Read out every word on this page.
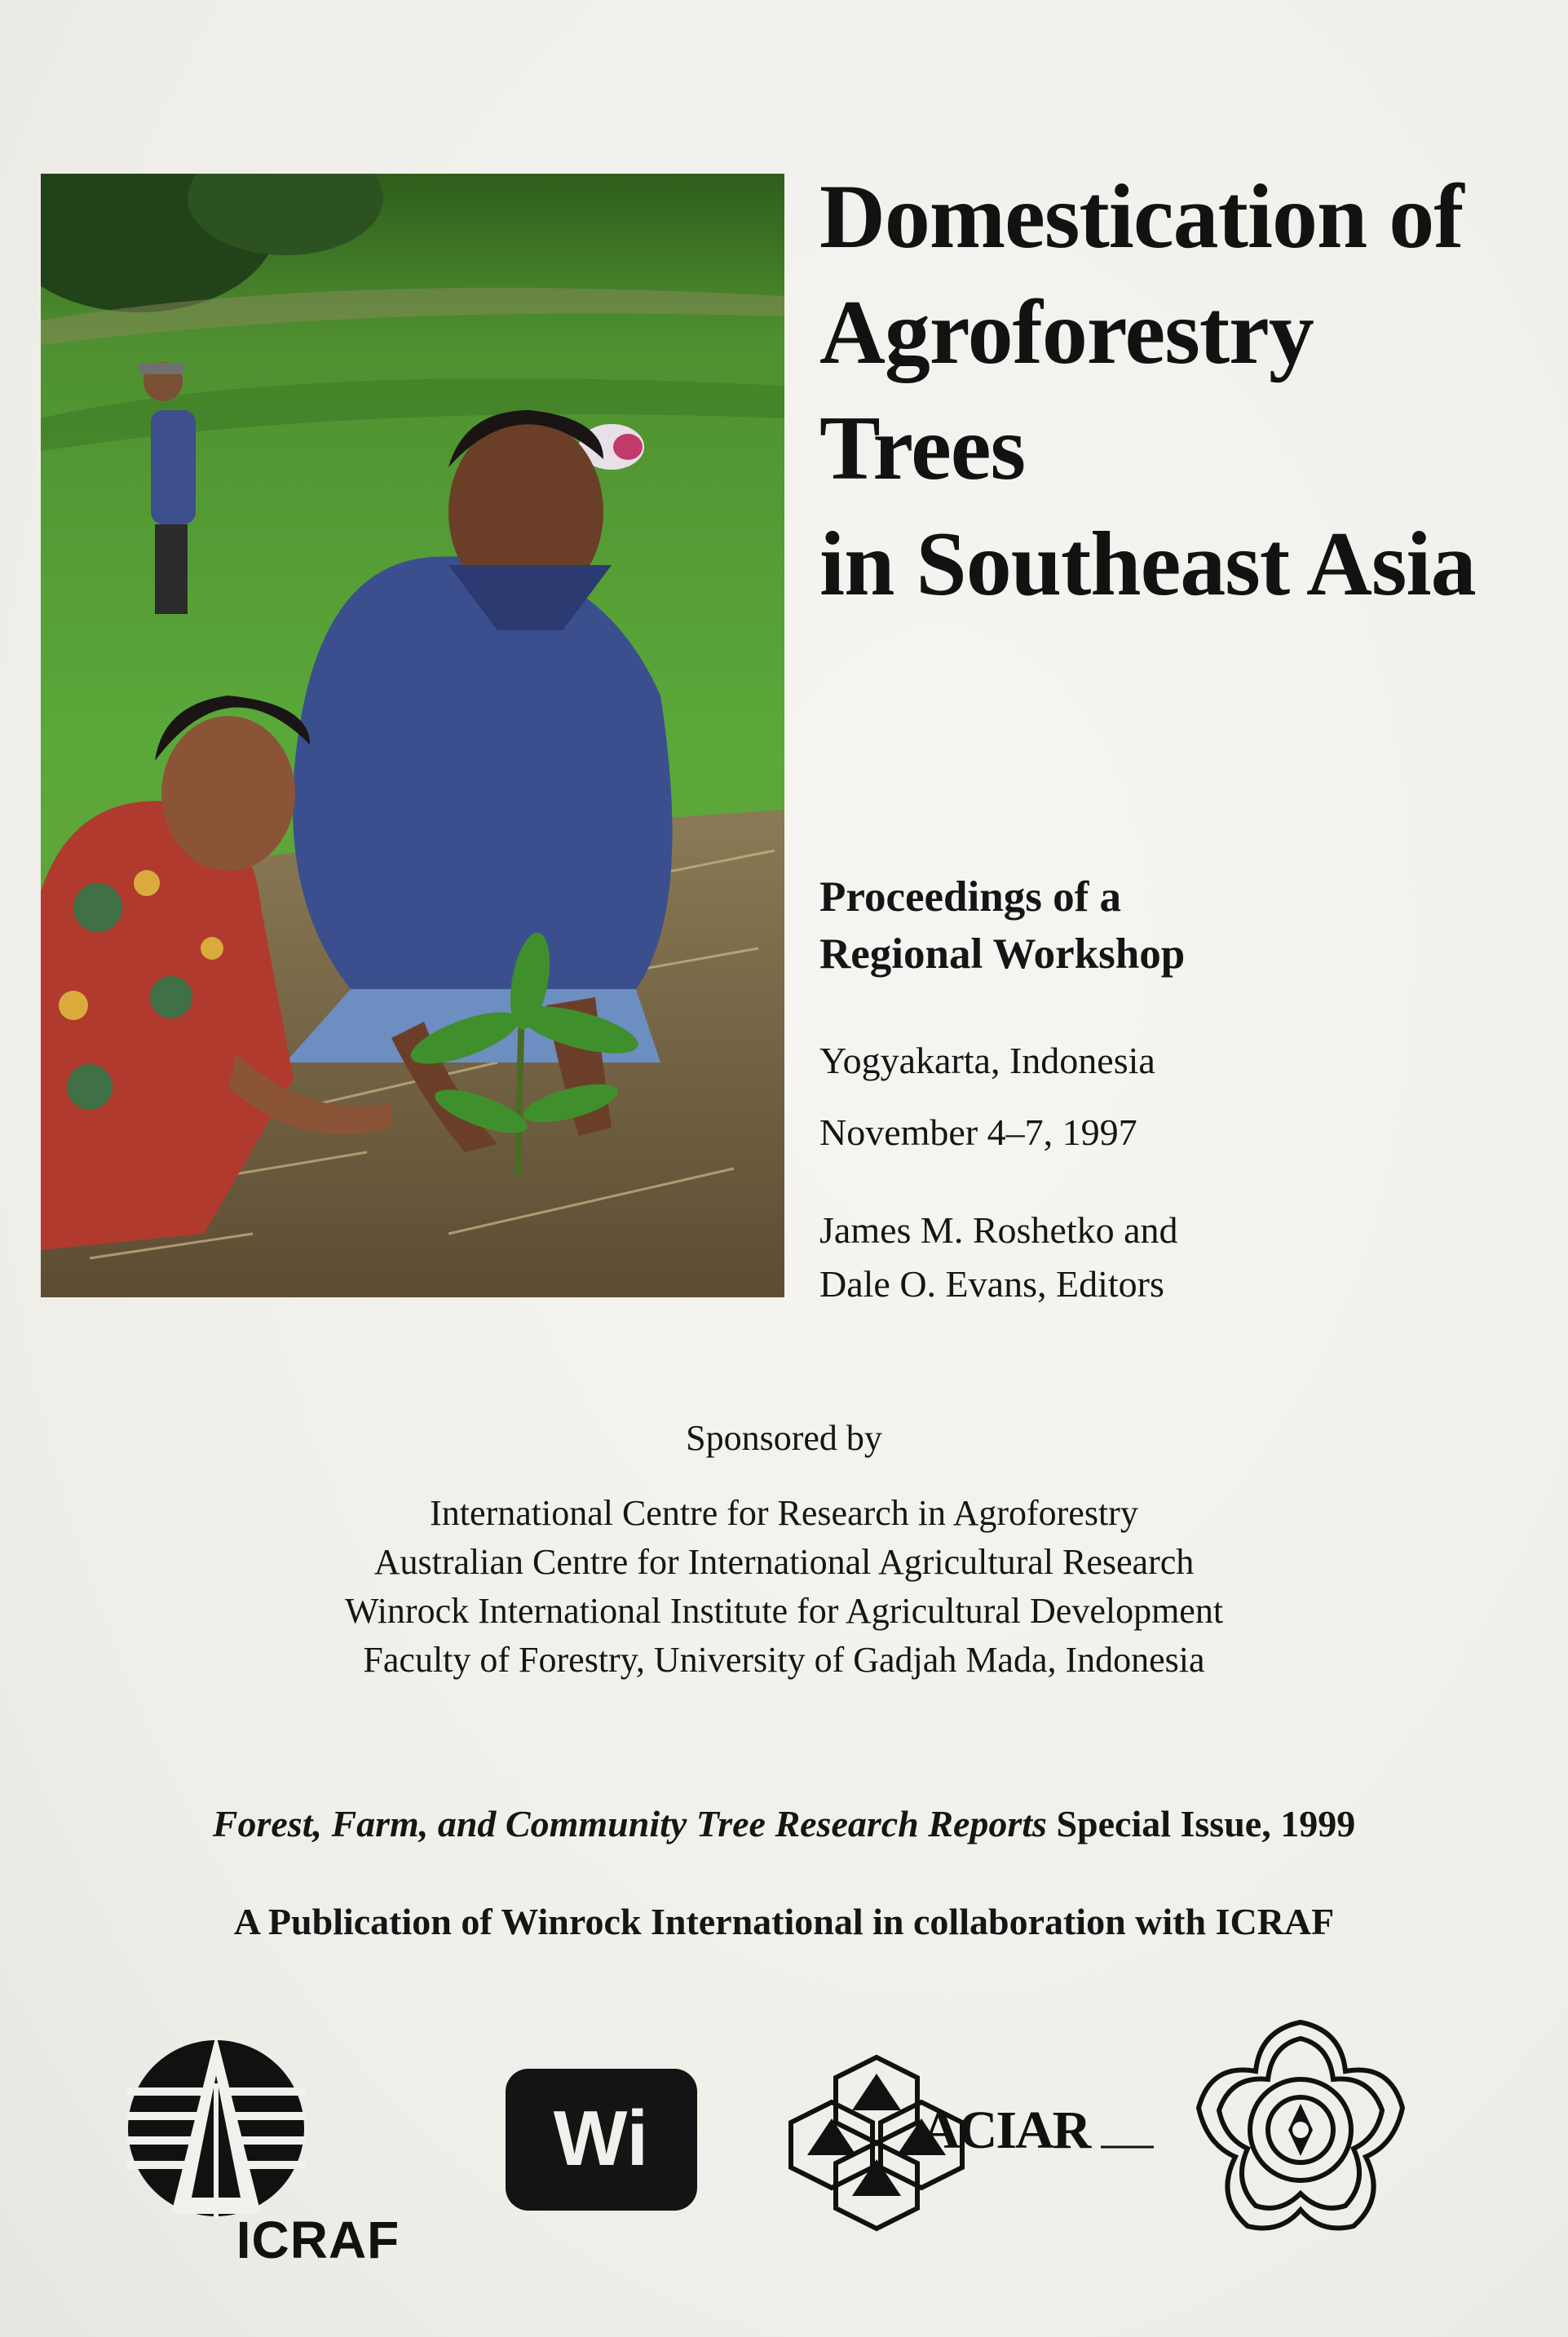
Domestication of
Agroforestry
Trees
in Southeast Asia
Proceedings of a
Regional Workshop
Yogyakarta, Indonesia
November 4–7, 1997
James M. Roshetko and
Dale O. Evans, Editors
Sponsored by
International Centre for Research in Agroforestry
Australian Centre for International Agricultural Research
Winrock International Institute for Agricultural Development
Faculty of Forestry, University of Gadjah Mada, Indonesia
Forest, Farm, and Community Tree Research Reports Special Issue, 1999
A Publication of Winrock International in collaboration with ICRAF
ICRAF
Wi	ACIAR
